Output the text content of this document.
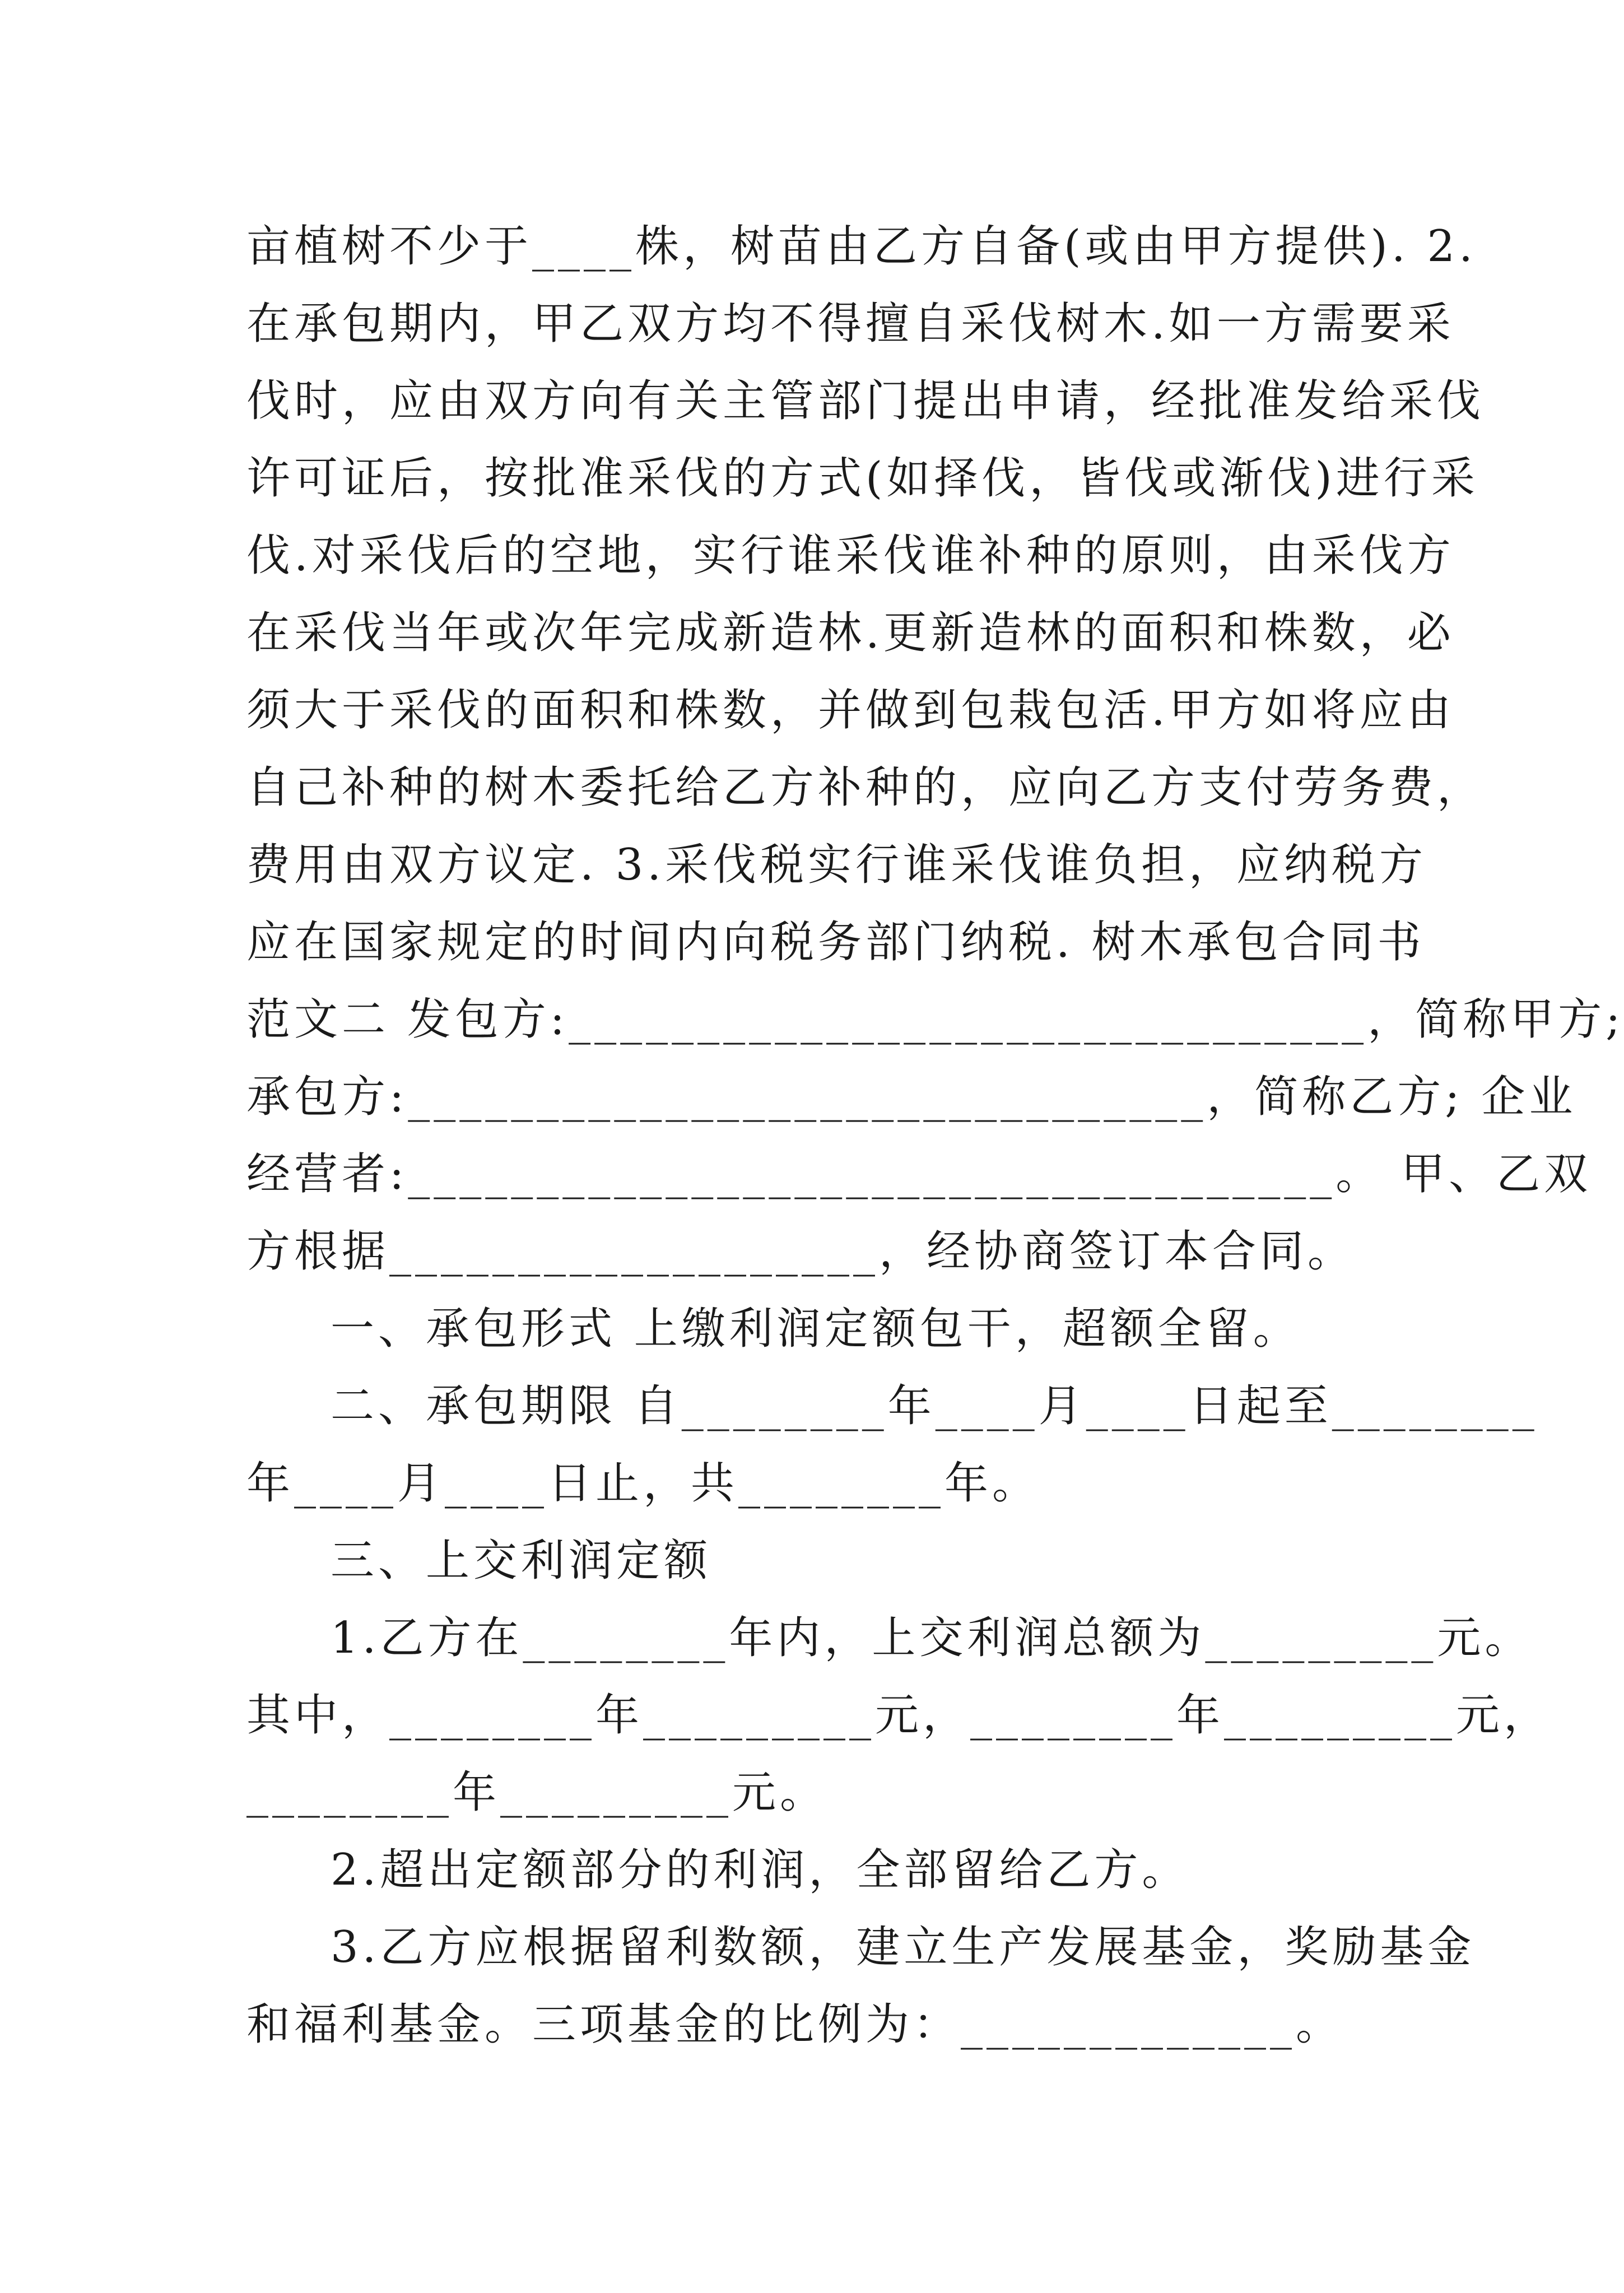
亩植树不少于____株，树苗由乙方自备(或由甲方提供). 2.
在承包期内，甲乙双方均不得擅自采伐树木.如一方需要采
伐时，应由双方向有关主管部门提出申请，经批准发给采伐
许可证后，按批准采伐的方式(如择伐，皆伐或渐伐)进行采
伐.对采伐后的空地，实行谁采伐谁补种的原则，由采伐方
在采伐当年或次年完成新造林.更新造林的面积和株数，必
须大于采伐的面积和株数，并做到包栽包活.甲方如将应由
自己补种的树木委托给乙方补种的，应向乙方支付劳务费，
费用由双方议定. 3.采伐税实行谁采伐谁负担，应纳税方
应在国家规定的时间内向税务部门纳税. 树木承包合同书
范文二 发包方:_______________________________，简称甲方;
承包方:_______________________________，简称乙方; 企业
经营者:____________________________________。 甲、乙双
方根据___________________，经协商签订本合同。
一、承包形式 上缴利润定额包干，超额全留。
二、承包期限 自________年____月____日起至________
年____月____日止，共________年。
三、上交利润定额
1.乙方在________年内，上交利润总额为_________元。
其中，________年_________元，________年_________元，
________年_________元。
2.超出定额部分的利润，全部留给乙方。
3.乙方应根据留利数额，建立生产发展基金，奖励基金
和福利基金。三项基金的比例为：_____________。
